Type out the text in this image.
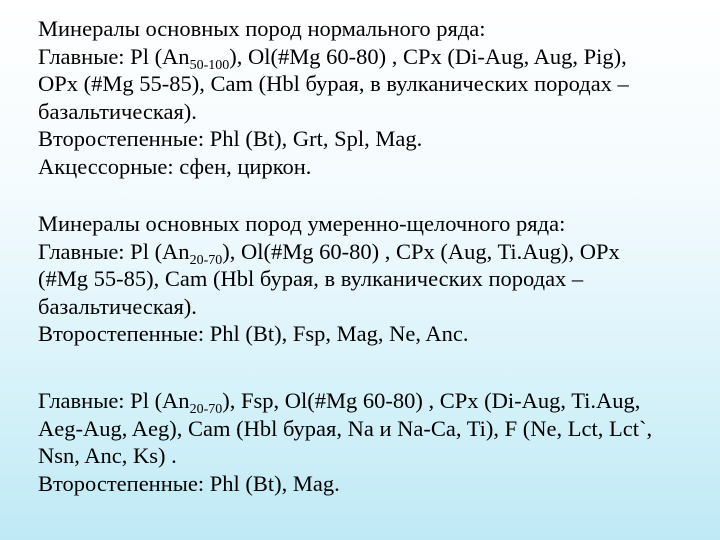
Минералы основных пород нормального ряда:
Главные: Pl $(An_{50-100})$, Ol(#Mg 60-80) , CPx (Di-Aug, Aug, Pig),
OPx (#Mg 55-85), Cam (Hbl бурая, в вулканических породах –
базальтическая).
Второстепенные: Phl (Bt), Grt, Spl, Mag.
Акцессорные: сфен, циркон.
Минералы основных пород умеренно-щелочного ряда:
Главные: Pl $(An_{20-70})$, Ol(#Mg 60-80) , CPx (Aug, Ti.Aug), OPx
(#Mg 55-85), Cam (Hbl бурая, в вулканических породах –
базальтическая).
Второстепенные: Phl (Bt), Fsp, Mag, Ne, Anc.
Главные: Pl $(An_{20-70})$, Fsp, Ol(#Mg 60-80) , CPx (Di-Aug, Ti.Aug,
Aeg-Aug, Aeg), Cam (Hbl бурая, Na и Na-Ca, Ti), F (Ne, Lct, Lct`,
Nsn, Anc, Ks) .
Второстепенные: Phl (Bt), Mag.
